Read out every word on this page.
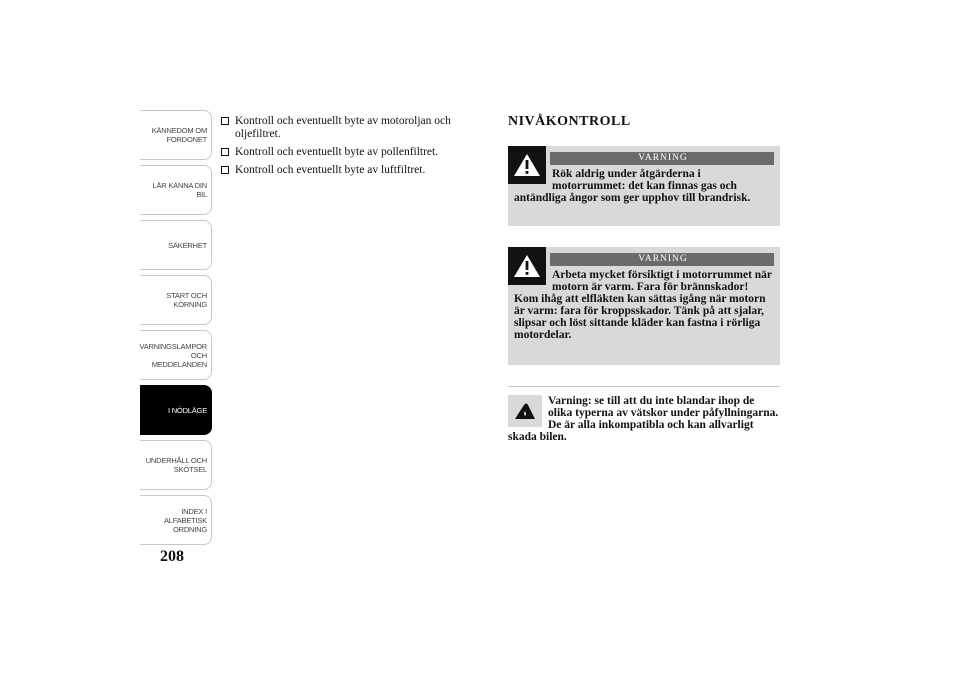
KÄNNEDOM OM
FORDONET
LÄR KÄNNA DIN
BIL
SÄKERHET
START OCH
KÖRNING
VARNINGSLAMPOR
OCH
MEDDELANDEN
I NÖDLÄGE
UNDERHÅLL OCH
SKÖTSEL
INDEX I
ALFABETISK
ORDNING
208
Kontroll och eventuellt byte av motoroljan och oljefiltret.
Kontroll och eventuellt byte av pollenfiltret.
Kontroll och eventuellt byte av luftfiltret.
NIVÅKONTROLL
VARNING
Rök aldrig under åtgärderna i motorrummet: det kan finnas gas och antändliga ångor som ger upphov till brandrisk.
VARNING
Arbeta mycket försiktigt i motorrummet när motorn är varm. Fara för brännskador! Kom ihåg att elfläkten kan sättas igång när motorn är varm: fara för kroppsskador. Tänk på att sjalar, slipsar och löst sittande kläder kan fastna i rörliga motordelar.
Varning: se till att du inte blandar ihop de olika typerna av vätskor under påfyllningarna. De är alla inkompatibla och kan allvarligt skada bilen.
